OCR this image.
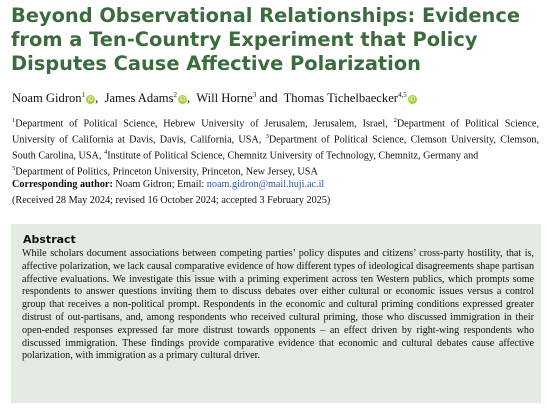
Beyond Observational Relationships: Evidence from a Ten-Country Experiment that Policy Disputes Cause Affective Polarization
Noam Gidron$^1$iD,  James Adams$^2$iD,  Will Horne$^3$ and  Thomas Tichelbaecker$^{4,5}$iD

$^1$Department of Political Science, Hebrew University of Jerusalem, Jerusalem, Israel, $^2$Department of Political Science, University of California at Davis, Davis, California, USA, $^3$Department of Political Science, Clemson University, Clemson, South Carolina, USA, $^4$Institute of Political Science, Chemnitz University of Technology, Chemnitz, Germany and
$^5$Department of Politics, Princeton University, Princeton, New Jersey, USA
Corresponding author: Noam Gidron; Email: noam.gidron@mail.huji.ac.il

(Received 28 May 2024; revised 16 October 2024; accepted 3 February 2025)
Abstract

While scholars document associations between competing parties’ policy disputes and citizens’ cross-party hostility, that is, affective polarization, we lack causal comparative evidence of how different types of ideological disagreements shape partisan affective evaluations. We investigate this issue with a priming experiment across ten Western publics, which prompts some respondents to answer questions inviting them to discuss debates over either cultural or economic issues versus a control group that receives a non-political prompt. Respondents in the economic and cultural priming conditions expressed greater distrust of out-partisans, and, among respondents who received cultural priming, those who discussed immigration in their open-ended responses expressed far more distrust towards opponents – an effect driven by right-wing respondents who discussed immigration. These findings provide comparative evidence that economic and cultural debates cause affective polarization, with immigration as a primary cultural driver.
